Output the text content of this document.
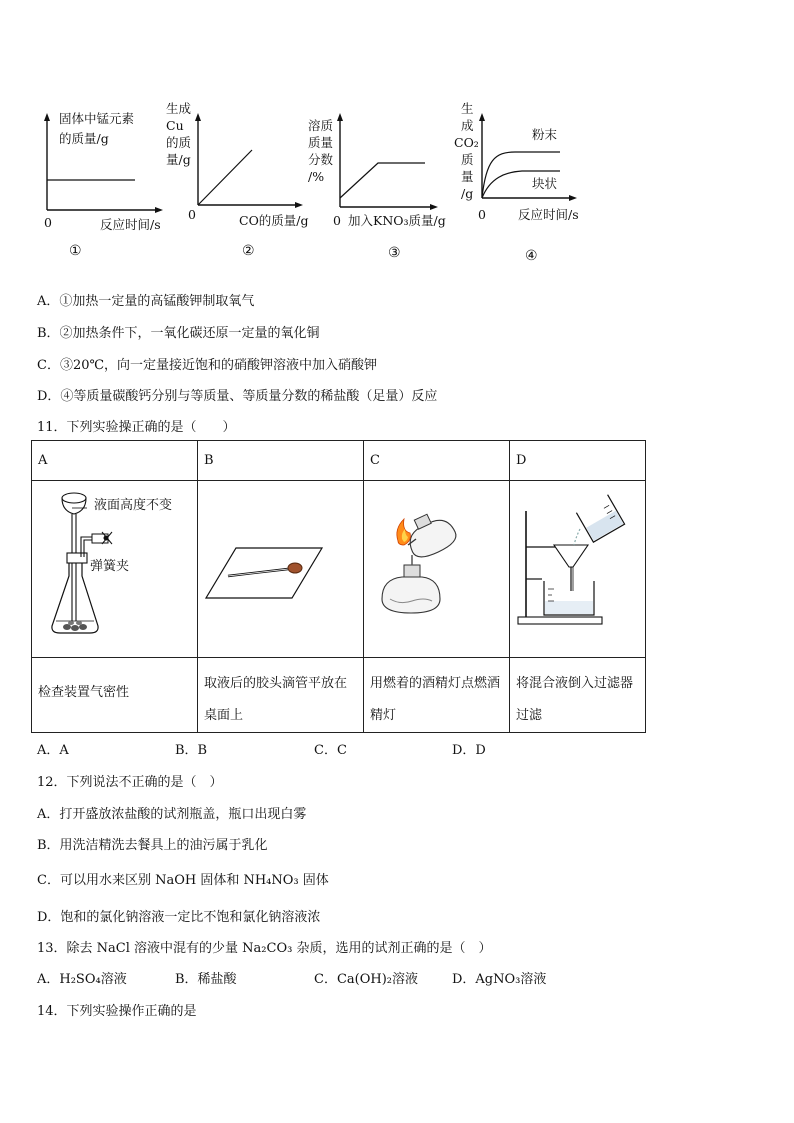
固体中锰元素
的质量/g
0	反应时间/s
①
生成
Cu
的质
量/g
0	CO的质量/g
②
溶质
质量
分数
/%
0 加入KNO₃质量/g
③
生
成
CO₂
质
量
/g
0	反应时间/s
粉末
块状
④
A．①加热一定量的高锰酸钾制取氧气
B．②加热条件下，一氧化碳还原一定量的氧化铜
C．③20℃，向一定量接近饱和的硝酸钾溶液中加入硝酸钾
D．④等质量碳酸钙分别与等质量、等质量分数的稀盐酸（足量）反应
11．下列实验操正确的是（　　）
A	B	C	D

液面高度不变
弹簧夹

检查装置气密性	取液后的胶头滴管平放在桌面上	用燃着的酒精灯点燃酒精灯	将混合液倒入过滤器过滤
A．A	B．B	C．C	D．D
12．下列说法不正确的是（　）
A．打开盛放浓盐酸的试剂瓶盖，瓶口出现白雾
B．用洗洁精洗去餐具上的油污属于乳化
C．可以用水来区别 NaOH 固体和 NH₄NO₃ 固体
D．饱和的氯化钠溶液一定比不饱和氯化钠溶液浓
13．除去 NaCl 溶液中混有的少量 Na₂CO₃ 杂质，选用的试剂正确的是（　）
A．H₂SO₄溶液	B．稀盐酸	C．Ca(OH)₂溶液	D．AgNO₃溶液
14．下列实验操作正确的是
